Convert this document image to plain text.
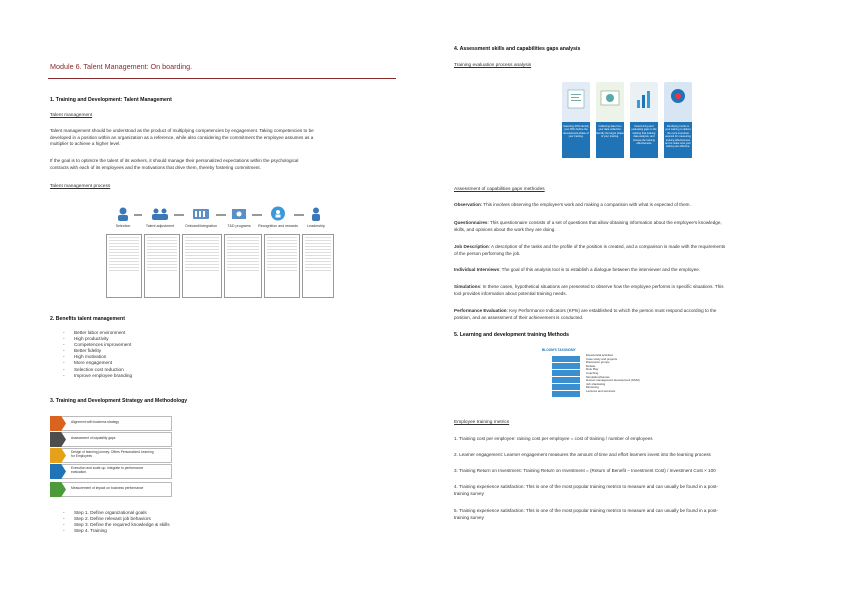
Module 6. Talent Management: On boarding.
1. Training and Development: Talent Management
Talent management
Talent management should be understood as the product of multiplying competencies by engagement. Taking competencies to be
developed in a position within an organization as a reference, while also considering the commitment the employee assumes as a
multiplier to achieve a higher level.
If the goal is to optimize the talent of its workers, it should manage their personalized expectations within the psychological
contracts with each of its employees and the motivations that drive them, thereby fostering commitment.
Talent management process
Selection	Talent adjustment	Onboard/Integration	T&D programs	Recognition and rewards	Leadership
2. Benefits talent management
- Better labor environment
- High productivity
- Competences improvement
- Better fidelity
- High motivation
- More engagement
- Selection cost reduction
- Improve employee branding
3. Training and Development Strategy and Methodology
Alignment with business strategy
Assessment of capability gaps
Design of learning journey. Offers Personalized Learning
for Employees
Execution and scale-up. Integrate to performance
evaluation.
Measurement of impact on business performance
- Step 1. Define organizational goals
- Step 2. Define relevant job behaviors
- Step 3. Define the required knowledge & skills
- Step 4. Training
4. Assessment skills and capabilities gaps analysis
Training evaluation process analysis
Selecting 20% identify your KPIs before the development phase of your training.
Collecting data from your data collection. Identify the target phase of your training.
Determining and evaluating gaps in the training that training data analysis, and choose the training effectiveness
Identifying trends in your training to deliver the more important aspects for measuring training effectiveness and to make sure your training are effective.
Assessment of capabilities gaps methodes
Observation: This involves observing the employee's work and making a comparison with what is expected of them.
Questionnaires: This questionnaire consists of a set of questions that allow obtaining information about the employee's knowledge,
skills, and opinions about the work they are doing.
Job Description: A description of the tasks and the profile of the position is created, and a comparison is made with the requirements
of the person performing the job.
Individual Interviews: The goal of this analysis tool is to establish a dialogue between the interviewer and the employee.
Simulations: In these cases, hypothetical situations are presented to observe how the employee performs in specific situations. This
tool provides information about potential training needs.
Performance Evaluation: Key Performance Indicators (KPIs) are established to which the person must respond according to the
position, and an assessment of their achievement is conducted.
5. Learning and development training Methods
BLOOM'S TAXONOMY
Experiential activities
Case study and projects
Discussion groups
Debate
Role Play
Coaching
Simulation/Games
Human management development (DHM)
Job shadowing
Mentoring
Lectures and seminars
Employee training metrics
1. Training cost per employee: raining cost per employee = cost of training / number of employees
2. Learner engagement: Learner engagement measures the amount of time and effort learners invest into the learning process
3. Training Return on Investment: Training Return on Investment = (Return of Benefit – Investment Cost) / Investment Cost × 100
4. Training experience satisfaction: This is one of the most popular training metrics to measure and can usually be found in a post-
training survey
5. Training experience satisfaction: This is one of the most popular training metrics to measure and can usually be found in a post-
training survey
